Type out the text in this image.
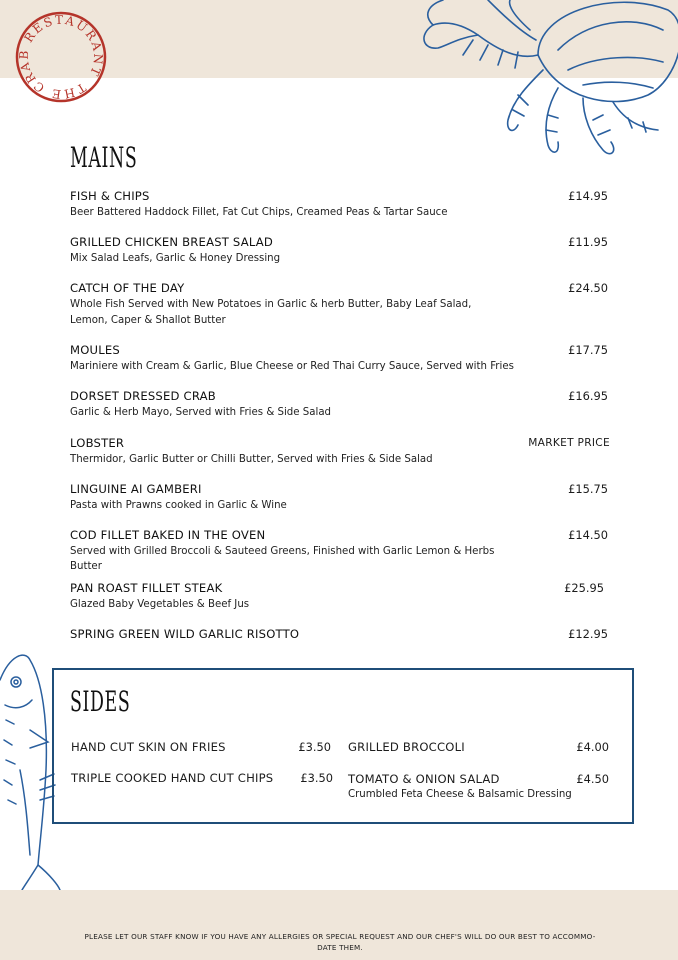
THE CRAB RESTAURANT
MAINS
FISH & CHIPS	£14.95
Beer Battered Haddock Fillet, Fat Cut Chips, Creamed Peas & Tartar Sauce
GRILLED CHICKEN BREAST SALAD	£11.95
Mix Salad Leafs, Garlic & Honey Dressing
CATCH OF THE DAY	£24.50
Whole Fish Served with New Potatoes in Garlic & herb Butter, Baby Leaf Salad,
Lemon, Caper & Shallot Butter
MOULES	£17.75
Mariniere with Cream & Garlic, Blue Cheese or Red Thai Curry Sauce, Served with Fries
DORSET DRESSED CRAB	£16.95
Garlic & Herb Mayo, Served with Fries & Side Salad
LOBSTER	MARKET PRICE
Thermidor, Garlic Butter or Chilli Butter, Served with Fries & Side Salad
LINGUINE AI GAMBERI	£15.75
Pasta with Prawns cooked in Garlic & Wine
COD FILLET BAKED IN THE OVEN	£14.50
Served with Grilled Broccoli & Sauteed Greens, Finished with Garlic Lemon & Herbs
Butter
PAN ROAST FILLET STEAK	£25.95
Glazed Baby Vegetables & Beef Jus
SPRING GREEN WILD GARLIC RISOTTO	£12.95
SIDES
HAND CUT SKIN ON FRIES	£3.50
TRIPLE COOKED HAND CUT CHIPS	£3.50
GRILLED BROCCOLI	£4.00
TOMATO & ONION SALAD	£4.50
Crumbled Feta Cheese & Balsamic Dressing
PLEASE LET OUR STAFF KNOW IF YOU HAVE ANY ALLERGIES OR SPECIAL REQUEST AND OUR CHEF'S WILL DO OUR BEST TO ACCOMMO-
DATE THEM.
